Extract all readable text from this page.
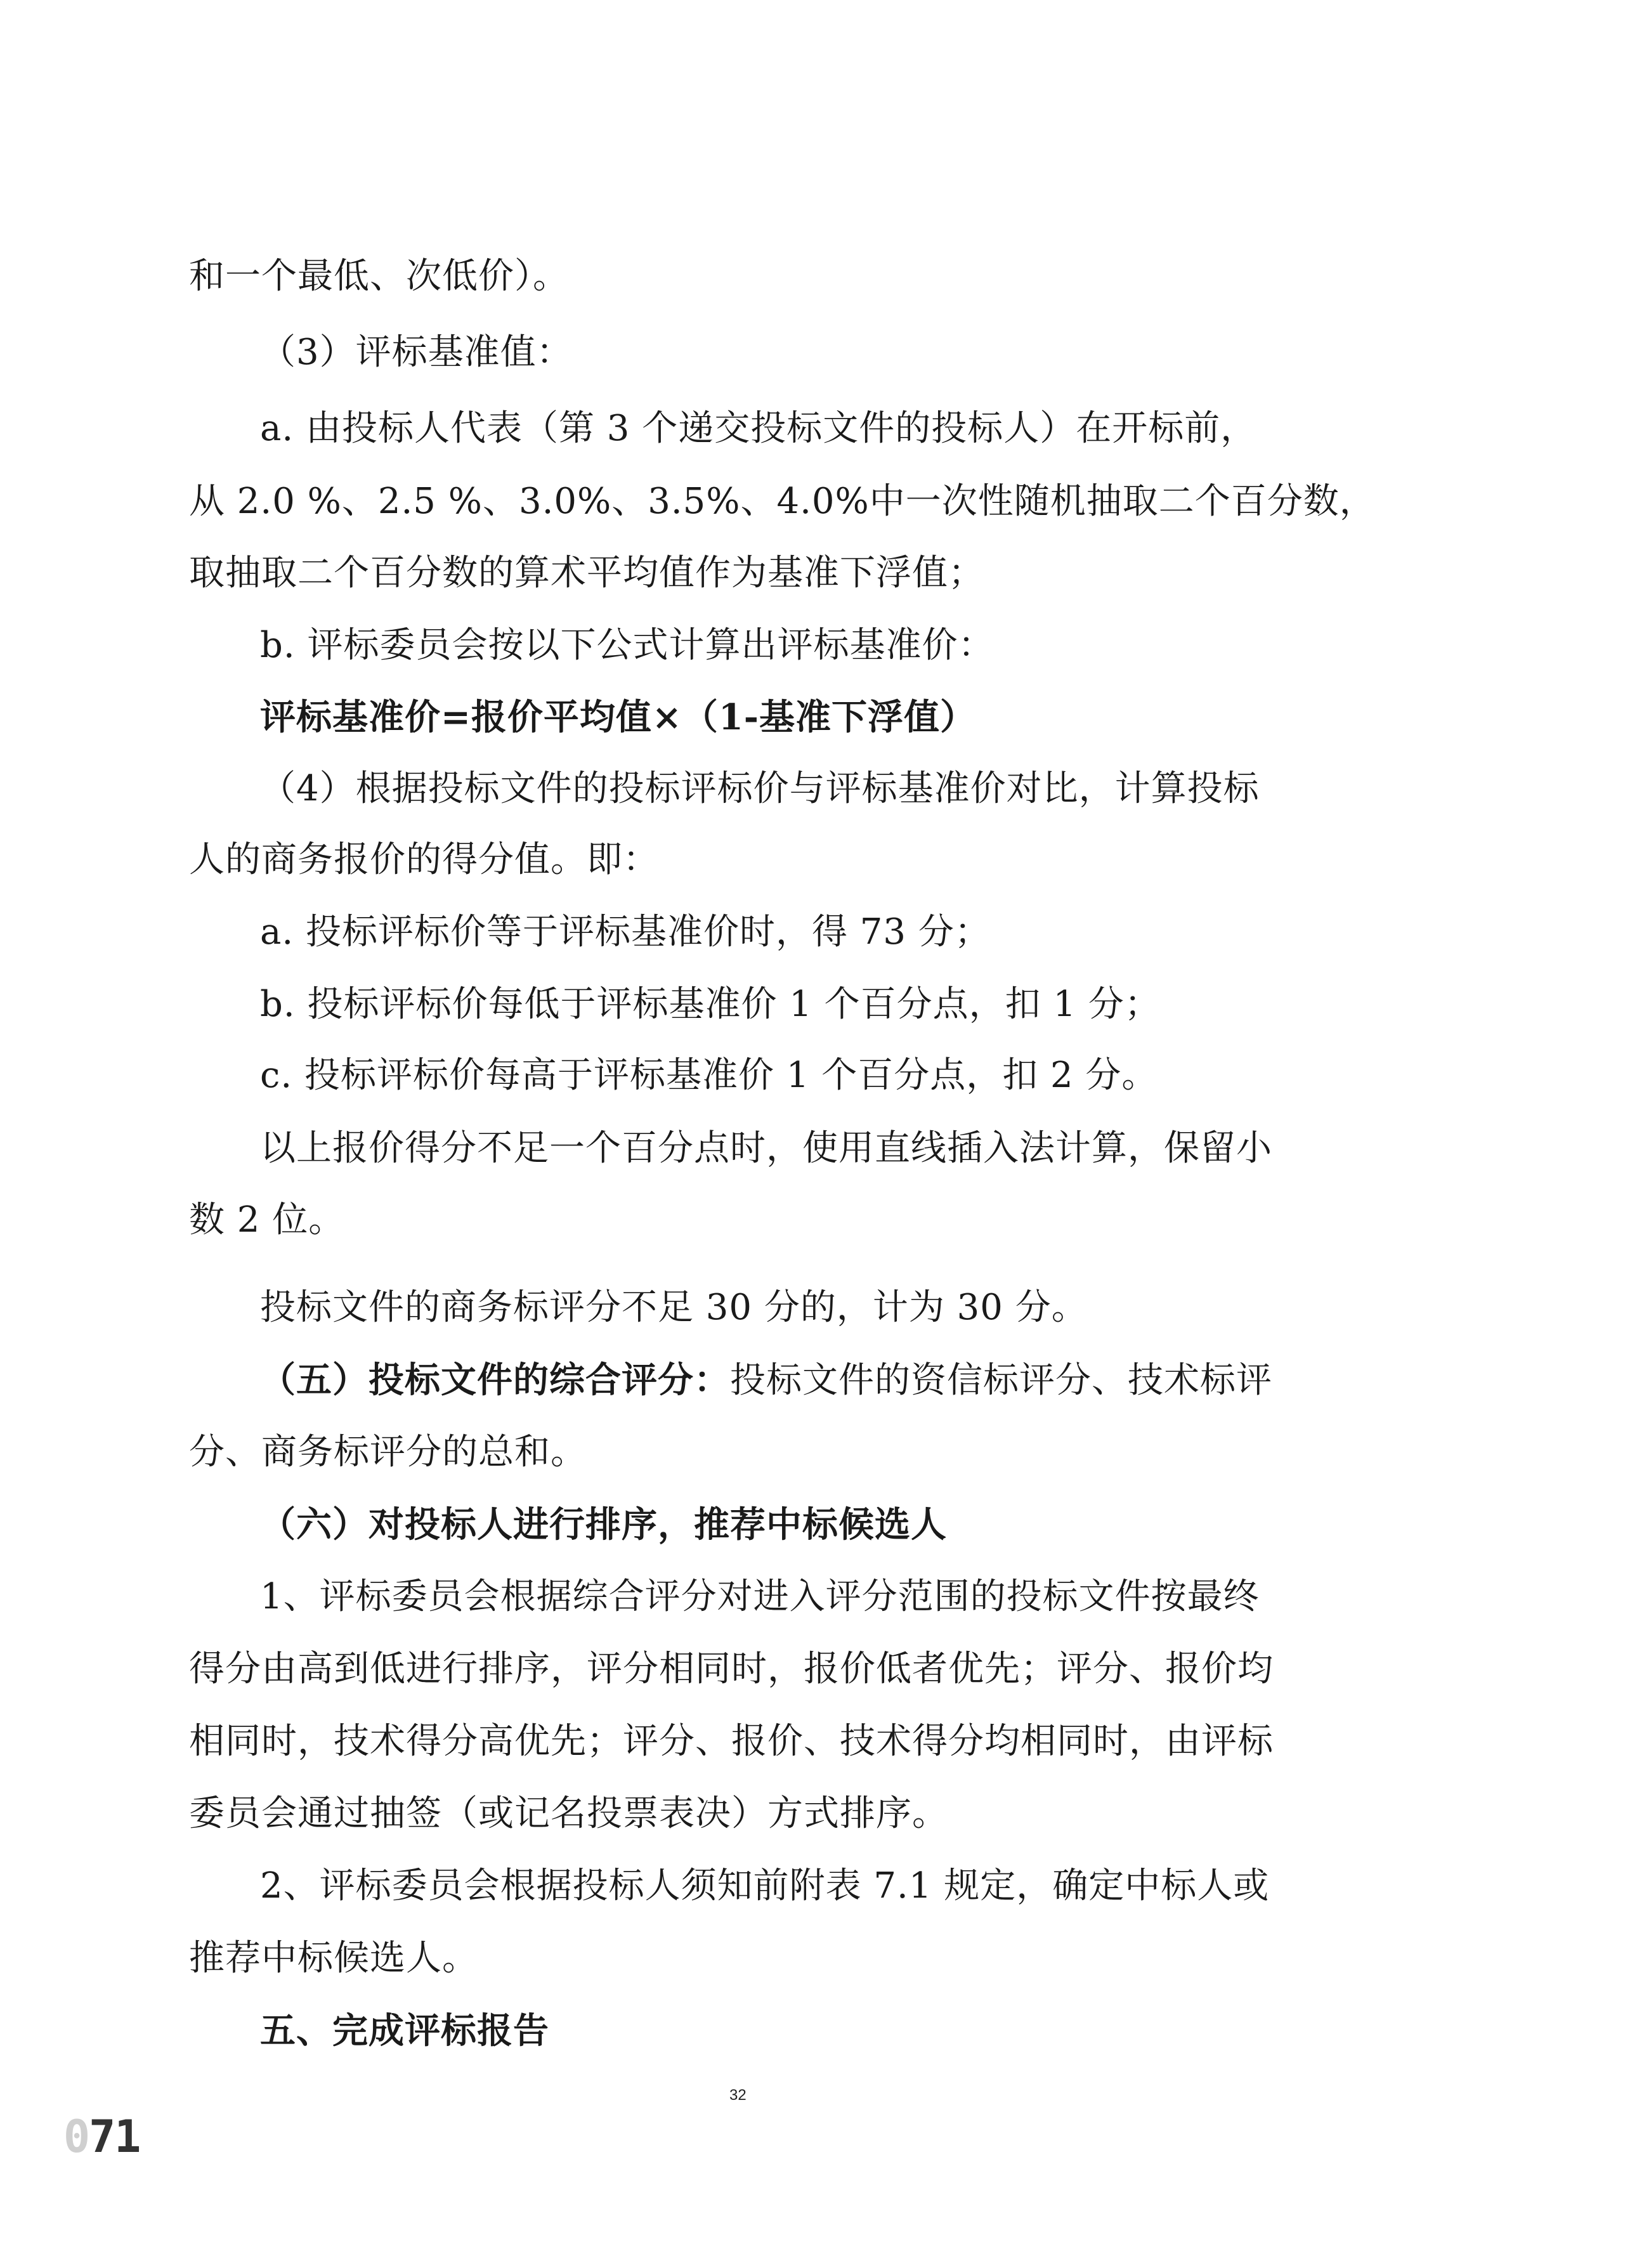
和一个最低、次低价）。
（3）评标基准值：
a. 由投标人代表（第 3 个递交投标文件的投标人）在开标前，
从 2.0 %、2.5 %、3.0%、3.5%、4.0%中一次性随机抽取二个百分数，
取抽取二个百分数的算术平均值作为基准下浮值；
b. 评标委员会按以下公式计算出评标基准价：
评标基准价=报价平均值×（1-基准下浮值）
（4）根据投标文件的投标评标价与评标基准价对比，计算投标
人的商务报价的得分值。即：
a. 投标评标价等于评标基准价时，得 73 分；
b. 投标评标价每低于评标基准价 1 个百分点，扣 1 分；
c. 投标评标价每高于评标基准价 1 个百分点，扣 2 分。
以上报价得分不足一个百分点时，使用直线插入法计算，保留小
数 2 位。
投标文件的商务标评分不足 30 分的，计为 30 分。
（五）投标文件的综合评分：投标文件的资信标评分、技术标评
分、商务标评分的总和。
（六）对投标人进行排序，推荐中标候选人
1、评标委员会根据综合评分对进入评分范围的投标文件按最终
得分由高到低进行排序，评分相同时，报价低者优先；评分、报价均
相同时，技术得分高优先；评分、报价、技术得分均相同时，由评标
委员会通过抽签（或记名投票表决）方式排序。
2、评标委员会根据投标人须知前附表 7.1 规定，确定中标人或
推荐中标候选人。
五、完成评标报告
32
071
